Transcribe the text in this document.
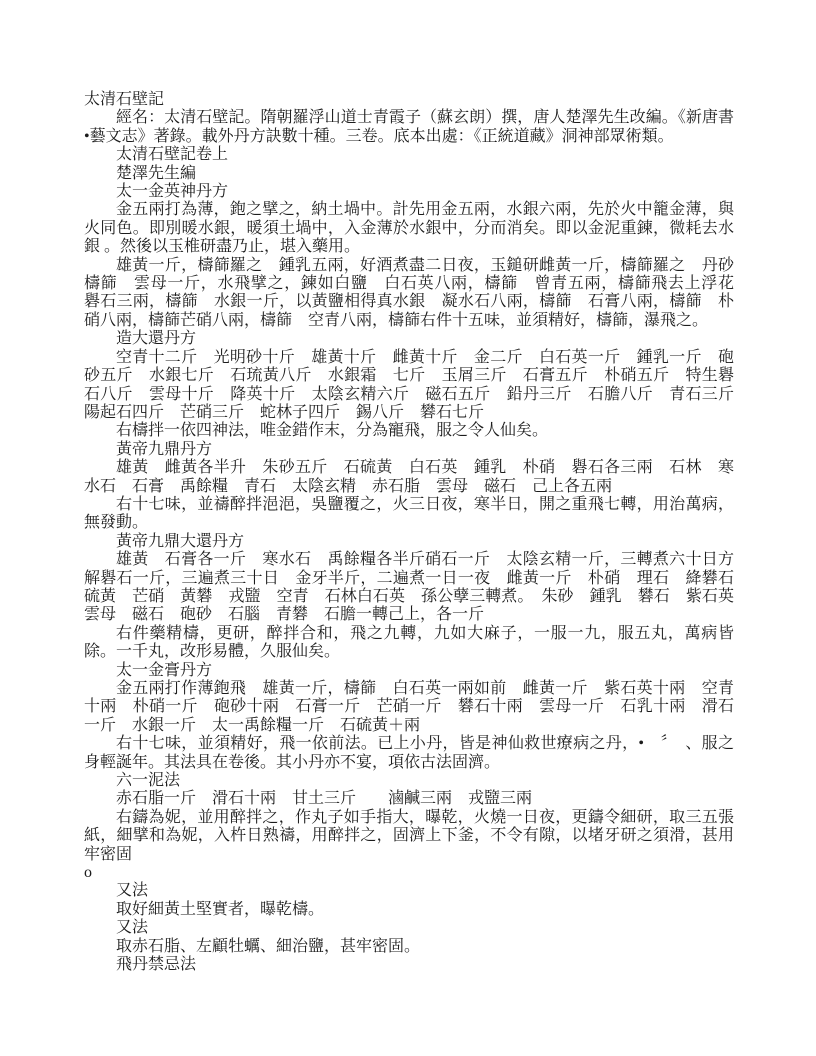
太清石壁記

經名：太清石壁記。隋朝羅浮山道士青霞子（蘇玄朗）撰，唐人楚澤先生改編。《新唐書•藝文志》著錄。載外丹方訣數十種。三卷。底本出處：《正統道藏》洞神部眾術類。

太清石壁記卷上

楚澤先生編

太一金英神丹方

金五兩打為薄，鉋之擘之，納土堝中。計先用金五兩，水銀六兩，先於火中籠金薄，與火同色。即別暖水銀，暖須土堝中，入金薄於水銀中，分而消矣。即以金泥重鍊，微耗去水銀 。然後以玉椎研盡乃止，堪入藥用。

雄黃一斤，檮篩羅之　鍾乳五兩，好酒煮盡二日夜，玉鎚研雌黃一斤，檮篩羅之　丹砂檮篩　雲母一斤，水飛擘之，鍊如白鹽　白石英八兩，檮篩　曾青五兩，檮篩飛去上浮花　礜石三兩，檮篩　水銀一斤，以黃鹽相得真水銀　凝水石八兩，檮篩　石膏八兩，檮篩　朴硝八兩，檮篩芒硝八兩，檮篩　空青八兩，檮篩右件十五味，並須精好，檮篩，瀑飛之。

造大還丹方

空青十二斤　光明砂十斤　雄黃十斤　雌黃十斤　金二斤　白石英一斤　鍾乳一斤　砲砂五斤　水銀七斤　石琉黃八斤　水銀霜　七斤　玉屑三斤　石膏五斤　朴硝五斤　特生礜石八斤　雲母十斤　降英十斤　太陰玄精六斤　磁石五斤　鉛丹三斤　石膽八斤　青石三斤　陽起石四斤　芒硝三斤　蛇林子四斤　錫八斤　礬石七斤

右檮拌一依四神法，唯金錯作末，分為寵飛，服之令人仙矣。

黃帝九鼎丹方

雄黃　雌黃各半升　朱砂五斤　石硫黃　白石英　鍾乳　朴硝　礜石各三兩　石林　寒水石　石膏　禹餘糧　青石　太陰玄精　赤石脂　雲母　磁石　己上各五兩

右十七味，並禱醉拌浥浥，吳鹽覆之，火三日夜，寒半日，開之重飛七轉，用治萬病，無發動。

黃帝九鼎大還丹方

雄黃　石膏各一斤　寒水石　禹餘糧各半斤硝石一斤　太陰玄精一斤，三轉煮六十日方解礜石一斤，三遍煮三十日　金牙半斤，二遍煮一日一夜　雌黃一斤　朴硝　理石　絳礬石　硫黃　芒硝　黃礬　戎盬　空青　石林白石英　孫公孽三轉煮。　朱砂　鍾乳　礬石　紫石英　雲母　磁石　砲砂　石腦　青礬　石膽一轉己上，各一斤

右件藥精檮，更研，醉拌合和，飛之九轉，九如大麻子，一服一九，服五丸，萬病皆除。一千丸，改形易體，久服仙矣。

太一金膏丹方

金五兩打作薄鉋飛　雄黃一斤，檮篩　白石英一兩如前　雌黃一斤　紫石英十兩　空青十兩　朴硝一斤　砲砂十兩　石膏一斤　芒硝一斤　礬石十兩　雲母一斤　石乳十兩　滑石一斤　水銀一斤　太一禹餘糧一斤　石硫黃＋兩

右十七味，並須精好，飛一依前法。已上小丹，皆是神仙救世療病之丹，•　〞　、服之身輕誕年。其法具在卷後。其小丹亦不宴，項依古法固濟。

六一泥法

赤石脂一斤　滑石十兩　甘土三斤　　滷鹹三兩　戎盬三兩

右鑄為妮，並用醉拌之，作丸子如手指大，曝乾，火燒一日夜，更鑄令細研，取三五張紙，細擘和為妮，入杵日熟禱，用醉拌之，固濟上下釜，不令有隙，以堵牙研之須滑，甚用牢密固

o

又法

取好細黃土堅實者，曝乾檮。

又法

取赤石脂、左顧牡蠣、細治鹽，甚牢密固。

飛丹禁忌法
